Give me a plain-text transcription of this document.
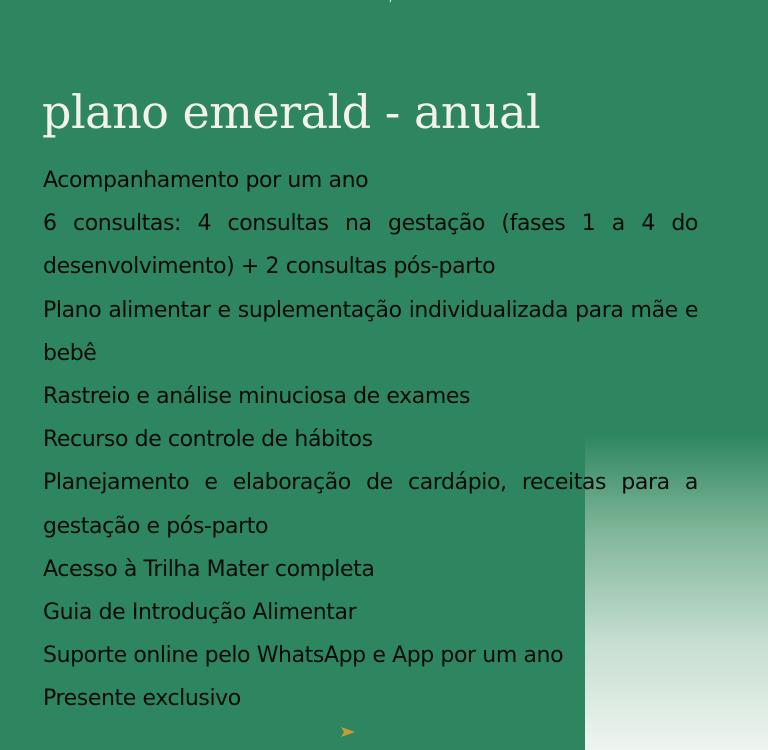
plano emerald - anual
Acompanhamento por um ano
6 consultas: 4 consultas na gestação (fases 1 a 4 do desenvolvimento) + 2 consultas pós-parto
Plano alimentar e suplementação individualizada para mãe e bebê
Rastreio e análise minuciosa de exames
Recurso de controle de hábitos
Planejamento e elaboração de cardápio, receitas para a gestação e pós-parto
Acesso à Trilha Mater completa
Guia de Introdução Alimentar
Suporte online pelo WhatsApp e App por um ano
Presente exclusivo
